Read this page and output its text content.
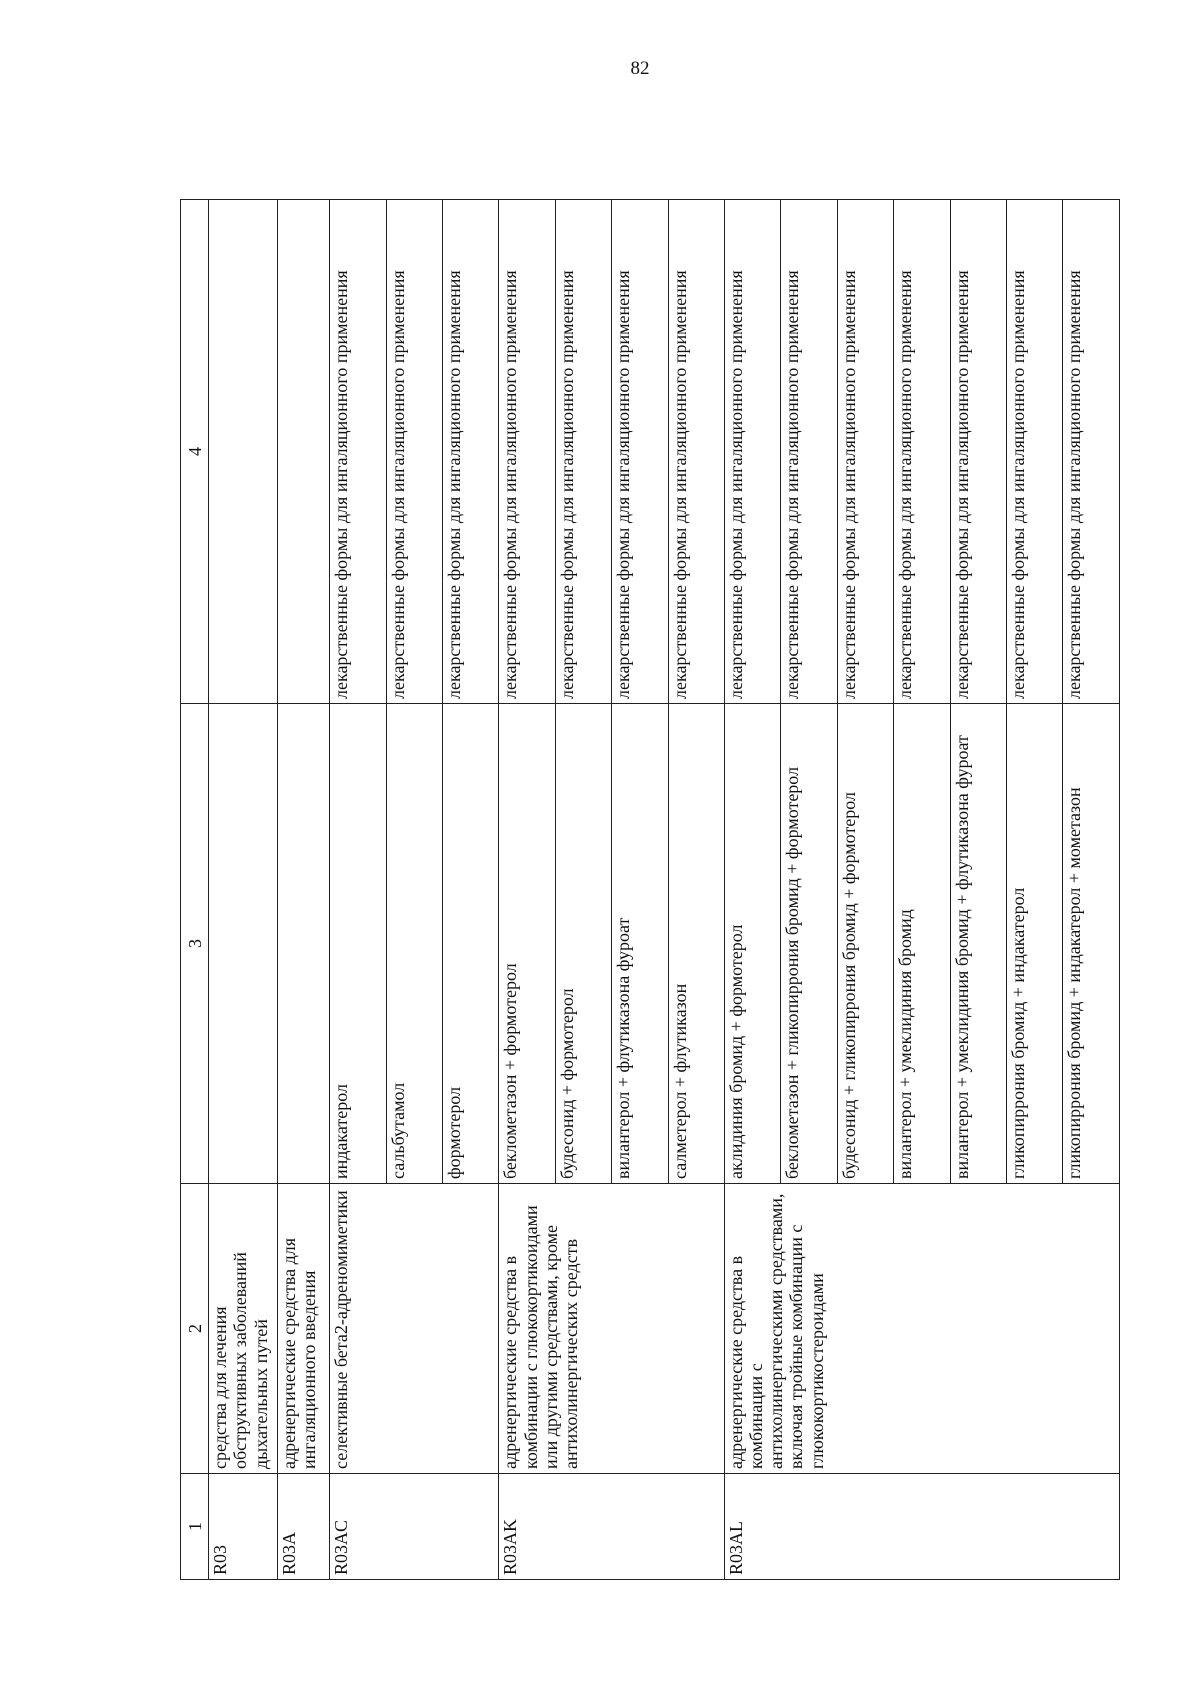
82
1	2	3	4
R03	средства для лечения обструктивных заболеваний дыхательных путей		
R03A	адренергические средства для ингаляционного введения		
R03AC	селективные бета2-адреномиметики	индакатерол	лекарственные формы для ингаляционного применения
		сальбутамол	лекарственные формы для ингаляционного применения
		формотерол	лекарственные формы для ингаляционного применения
R03AK	адренергические средства в комбинации с глюкокортикоидами или другими средствами, кроме антихолинергических средств	беклометазон + формотерол	лекарственные формы для ингаляционного применения
		будесонид + формотерол	лекарственные формы для ингаляционного применения
		вилантерол + флутиказона фуроат	лекарственные формы для ингаляционного применения
		салметерол + флутиказон	лекарственные формы для ингаляционного применения
R03AL	адренергические средства в комбинации с антихолинергическими средствами, включая тройные комбинации с глюкокортикостероидами	аклидиния бромид + формотерол	лекарственные формы для ингаляционного применения
		беклометазон + гликопиррония бромид + формотерол	лекарственные формы для ингаляционного применения
		будесонид + гликопиррония бромид + формотерол	лекарственные формы для ингаляционного применения
		вилантерол + умеклидиния бромид	лекарственные формы для ингаляционного применения
		вилантерол + умеклидиния бромид + флутиказона фуроат	лекарственные формы для ингаляционного применения
		гликопиррония бромид + индакатерол	лекарственные формы для ингаляционного применения
		гликопиррония бромид + индакатерол + мометазон	лекарственные формы для ингаляционного применения
